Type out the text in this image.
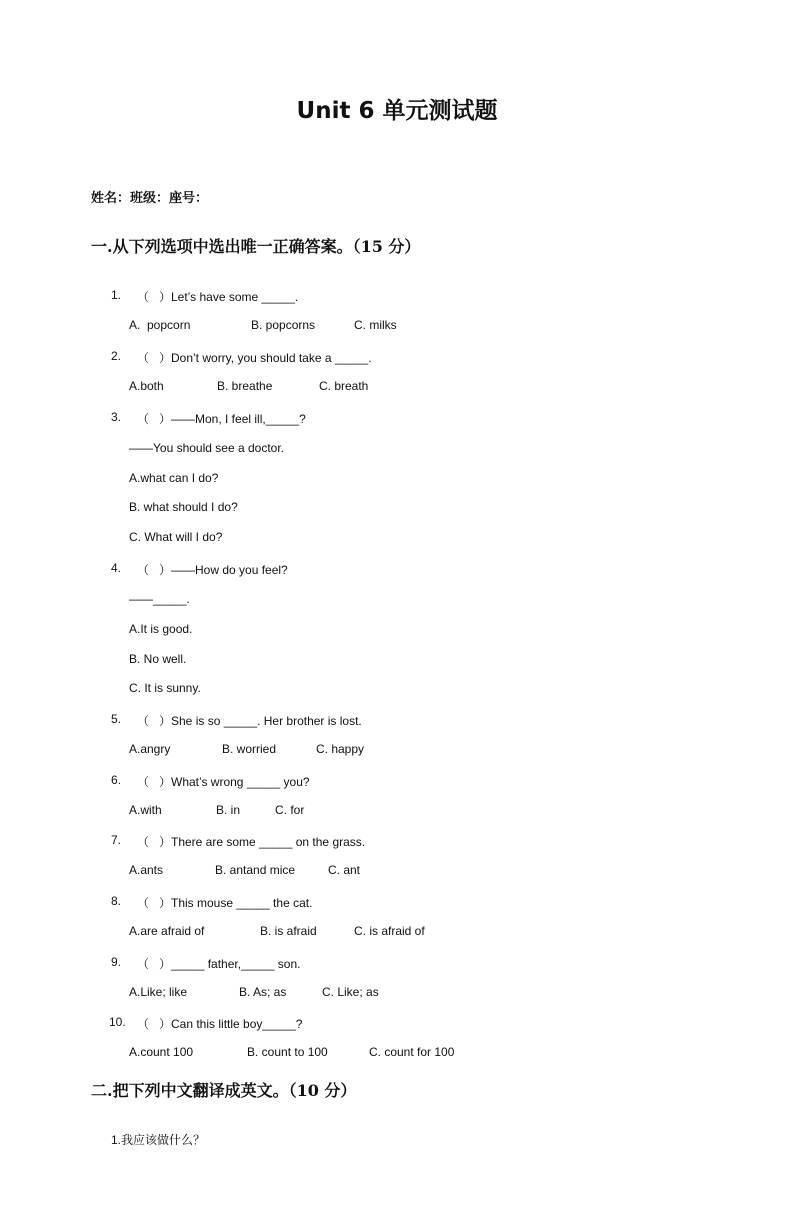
Unit 6 单元测试题
姓名：班级：座号：
一.从下列选项中选出唯一正确答案。（15 分）
1. （   ）Let’s have some _____.
A.  popcorn	B. popcorns	C. milks
2. （   ）Don’t worry, you should take a _____.
A.both	B. breathe	C. breath
3. （   ）——Mon, I feel ill,_____?
——You should see a doctor.
A.what can I do?
B. what should I do?
C. What will I do?
4. （   ）——How do you feel?
——_____.
A.It is good.
B. No well.
C. It is sunny.
5. （   ）She is so _____. Her brother is lost.
A.angry	B. worried	C. happy
6. （   ）What’s wrong _____ you?
A.with	B. in	C. for
7. （   ）There are some _____ on the grass.
A.ants	B. antand mice	C. ant
8. （   ）This mouse _____ the cat.
A.are afraid of	B. is afraid	C. is afraid of
9. （   ）_____ father,_____ son.
A.Like; like	B. As; as	C. Like; as
10. （   ）Can this little boy_____?
A.count 100	B. count to 100	C. count for 100
二.把下列中文翻译成英文。（10 分）
1.我应该做什么？
